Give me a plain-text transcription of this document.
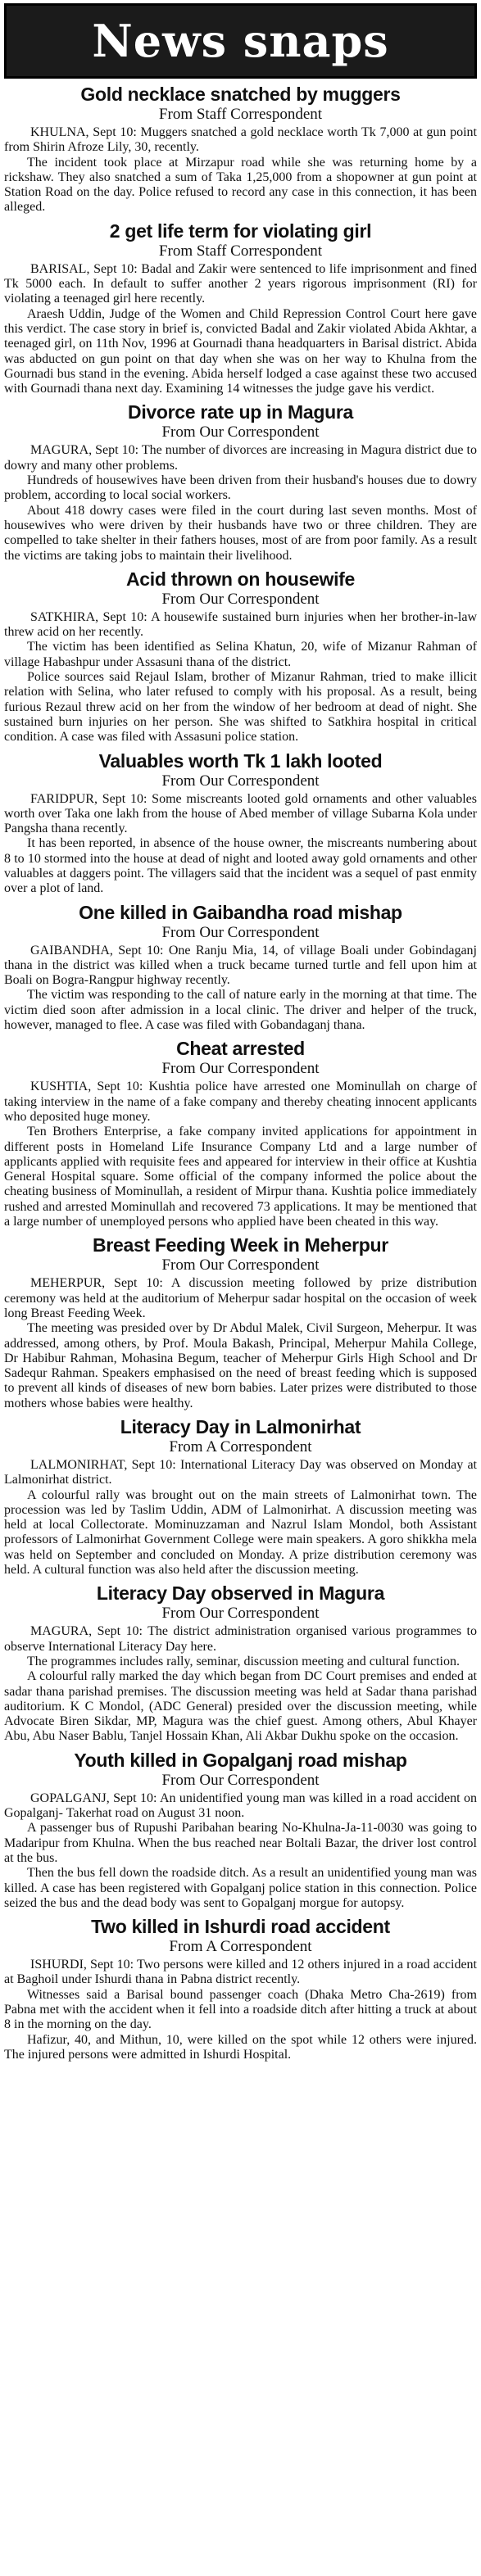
News snaps
Gold necklace snatched by muggers
From Staff Correspondent

KHULNA, Sept 10: Muggers snatched a gold necklace worth Tk 7,000 at gun point from Shirin Afroze Lily, 30, recently.

The incident took place at Mirzapur road while she was returning home by a rickshaw. They also snatched a sum of Taka 1,25,000 from a shopowner at gun point at Station Road on the day. Police refused to record any case in this connection, it has been alleged.

2 get life term for violating girl
From Staff Correspondent

BARISAL, Sept 10: Badal and Zakir were sentenced to life imprisonment and fined Tk 5000 each. In default to suffer another 2 years rigorous imprisonment (RI) for violating a teenaged girl here recently.

Araesh Uddin, Judge of the Women and Child Repression Control Court here gave this verdict. The case story in brief is, convicted Badal and Zakir violated Abida Akhtar, a teenaged girl, on 11th Nov, 1996 at Gournadi thana headquarters in Barisal district. Abida was abducted on gun point on that day when she was on her way to Khulna from the Gournadi bus stand in the evening. Abida herself lodged a case against these two accused with Gournadi thana next day. Examining 14 witnesses the judge gave his verdict.

Divorce rate up in Magura
From Our Correspondent

MAGURA, Sept 10: The number of divorces are increasing in Magura district due to dowry and many other problems.

Hundreds of housewives have been driven from their husband's houses due to dowry problem, according to local social workers.

About 418 dowry cases were filed in the court during last seven months. Most of housewives who were driven by their husbands have two or three children. They are compelled to take shelter in their fathers houses, most of are from poor family. As a result the victims are taking jobs to maintain their livelihood.

Acid thrown on housewife
From Our Correspondent

SATKHIRA, Sept 10: A housewife sustained burn injuries when her brother-in-law threw acid on her recently.

The victim has been identified as Selina Khatun, 20, wife of Mizanur Rahman of village Habashpur under Assasuni thana of the district.

Police sources said Rejaul Islam, brother of Mizanur Rahman, tried to make illicit relation with Selina, who later refused to comply with his proposal. As a result, being furious Rezaul threw acid on her from the window of her bedroom at dead of night. She sustained burn injuries on her person. She was shifted to Satkhira hospital in critical condition. A case was filed with Assasuni police station.

Valuables worth Tk 1 lakh looted
From Our Correspondent

FARIDPUR, Sept 10: Some miscreants looted gold ornaments and other valuables worth over Taka one lakh from the house of Abed member of village Subarna Kola under Pangsha thana recently.

It has been reported, in absence of the house owner, the miscreants numbering about 8 to 10 stormed into the house at dead of night and looted away gold ornaments and other valuables at daggers point. The villagers said that the incident was a sequel of past enmity over a plot of land.

One killed in Gaibandha road mishap
From Our Correspondent

GAIBANDHA, Sept 10: One Ranju Mia, 14, of village Boali under Gobindaganj thana in the district was killed when a truck became turned turtle and fell upon him at Boali on Bogra-Rangpur highway recently.

The victim was responding to the call of nature early in the morning at that time. The victim died soon after admission in a local clinic. The driver and helper of the truck, however, managed to flee. A case was filed with Gobandaganj thana.

Cheat arrested
From Our Correspondent

KUSHTIA, Sept 10: Kushtia police have arrested one Mominullah on charge of taking interview in the name of a fake company and thereby cheating innocent applicants who deposited huge money.

Ten Brothers Enterprise, a fake company invited applications for appointment in different posts in Homeland Life Insurance Company Ltd and a large number of applicants applied with requisite fees and appeared for interview in their office at Kushtia General Hospital square. Some official of the company informed the police about the cheating business of Mominullah, a resident of Mirpur thana. Kushtia police immediately rushed and arrested Mominullah and recovered 73 applications. It may be mentioned that a large number of unemployed persons who applied have been cheated in this way.

Breast Feeding Week in Meherpur
From Our Correspondent

MEHERPUR, Sept 10: A discussion meeting followed by prize distribution ceremony was held at the auditorium of Meherpur sadar hospital on the occasion of week long Breast Feeding Week.

The meeting was presided over by Dr Abdul Malek, Civil Surgeon, Meherpur. It was addressed, among others, by Prof. Moula Bakash, Principal, Meherpur Mahila College, Dr Habibur Rahman, Mohasina Begum, teacher of Meherpur Girls High School and Dr Sadequr Rahman. Speakers emphasised on the need of breast feeding which is supposed to prevent all kinds of diseases of new born babies. Later prizes were distributed to those mothers whose babies were healthy.

Literacy Day in Lalmonirhat
From A Correspondent

LALMONIRHAT, Sept 10: International Literacy Day was observed on Monday at Lalmonirhat district.

A colourful rally was brought out on the main streets of Lalmonirhat town. The procession was led by Taslim Uddin, ADM of Lalmonirhat. A discussion meeting was held at local Collectorate. Mominuzzaman and Nazrul Islam Mondol, both Assistant professors of Lalmonirhat Government College were main speakers. A goro shikkha mela was held on September and concluded on Monday. A prize distribution ceremony was held. A cultural function was also held after the discussion meeting.

Literacy Day observed in Magura
From Our Correspondent

MAGURA, Sept 10: The district administration organised various programmes to observe International Literacy Day here.

The programmes includes rally, seminar, discussion meeting and cultural function.

A colourful rally marked the day which began from DC Court premises and ended at sadar thana parishad premises. The discussion meeting was held at Sadar thana parishad auditorium. K C Mondol, (ADC General) presided over the discussion meeting, while Advocate Biren Sikdar, MP, Magura was the chief guest. Among others, Abul Khayer Abu, Abu Naser Bablu, Tanjel Hossain Khan, Ali Akbar Dukhu spoke on the occasion.

Youth killed in Gopalganj road mishap
From Our Correspondent

GOPALGANJ, Sept 10: An unidentified young man was killed in a road accident on Gopalganj- Takerhat road on August 31 noon.

A passenger bus of Rupushi Paribahan bearing No-Khulna-Ja-11-0030 was going to Madaripur from Khulna. When the bus reached near Boltali Bazar, the driver lost control at the bus.

Then the bus fell down the roadside ditch. As a result an unidentified young man was killed. A case has been registered with Gopalganj police station in this connection. Police seized the bus and the dead body was sent to Gopalganj morgue for autopsy.

Two killed in Ishurdi road accident
From A Correspondent

ISHURDI, Sept 10: Two persons were killed and 12 others injured in a road accident at Baghoil under Ishurdi thana in Pabna district recently.

Witnesses said a Barisal bound passenger coach (Dhaka Metro Cha-2619) from Pabna met with the accident when it fell into a roadside ditch after hitting a truck at about 8 in the morning on the day.

Hafizur, 40, and Mithun, 10, were killed on the spot while 12 others were injured. The injured persons were admitted in Ishurdi Hospital.
